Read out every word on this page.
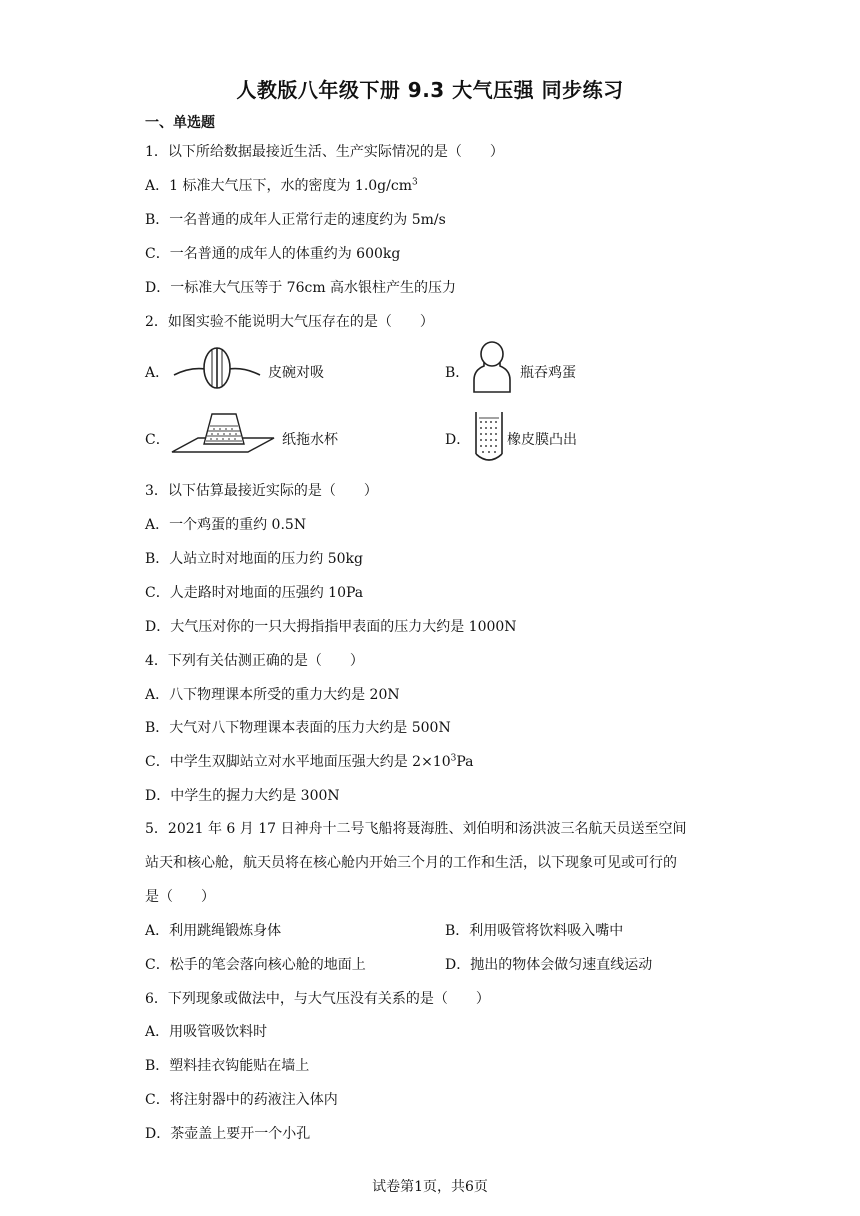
人教版八年级下册 9.3 大气压强 同步练习
一、单选题
1．以下所给数据最接近生活、生产实际情况的是（　　）
A．1 标准大气压下，水的密度为 $1.0g/cm^3$
B．一名普通的成年人正常行走的速度约为 5m/s
C．一名普通的成年人的体重约为 600kg
D．一标准大气压等于 76cm 高水银柱产生的压力
2．如图实验不能说明大气压存在的是（　　）
A．	皮碗对吸	B．	瓶吞鸡蛋
C．	纸拖水杯	D．	橡皮膜凸出
3．以下估算最接近实际的是（　　）
A．一个鸡蛋的重约 0.5N
B．人站立时对地面的压力约 50kg
C．人走路时对地面的压强约 10Pa
D．大气压对你的一只大拇指指甲表面的压力大约是 1000N
4．下列有关估测正确的是（　　）
A．八下物理课本所受的重力大约是 20N
B．大气对八下物理课本表面的压力大约是 500N
C．中学生双脚站立对水平地面压强大约是 $2\times 10^3Pa$
D．中学生的握力大约是 300N
5．2021 年 6 月 17 日神舟十二号飞船将聂海胜、刘伯明和汤洪波三名航天员送至空间
站天和核心舱，航天员将在核心舱内开始三个月的工作和生活，以下现象可见或可行的
是（　　）
A．利用跳绳锻炼身体	B．利用吸管将饮料吸入嘴中
C．松手的笔会落向核心舱的地面上	D．抛出的物体会做匀速直线运动
6．下列现象或做法中，与大气压没有关系的是（　　）
A．用吸管吸饮料时
B．塑料挂衣钩能贴在墙上
C．将注射器中的药液注入体内
D．茶壶盖上要开一个小孔
试卷第1页，共6页
